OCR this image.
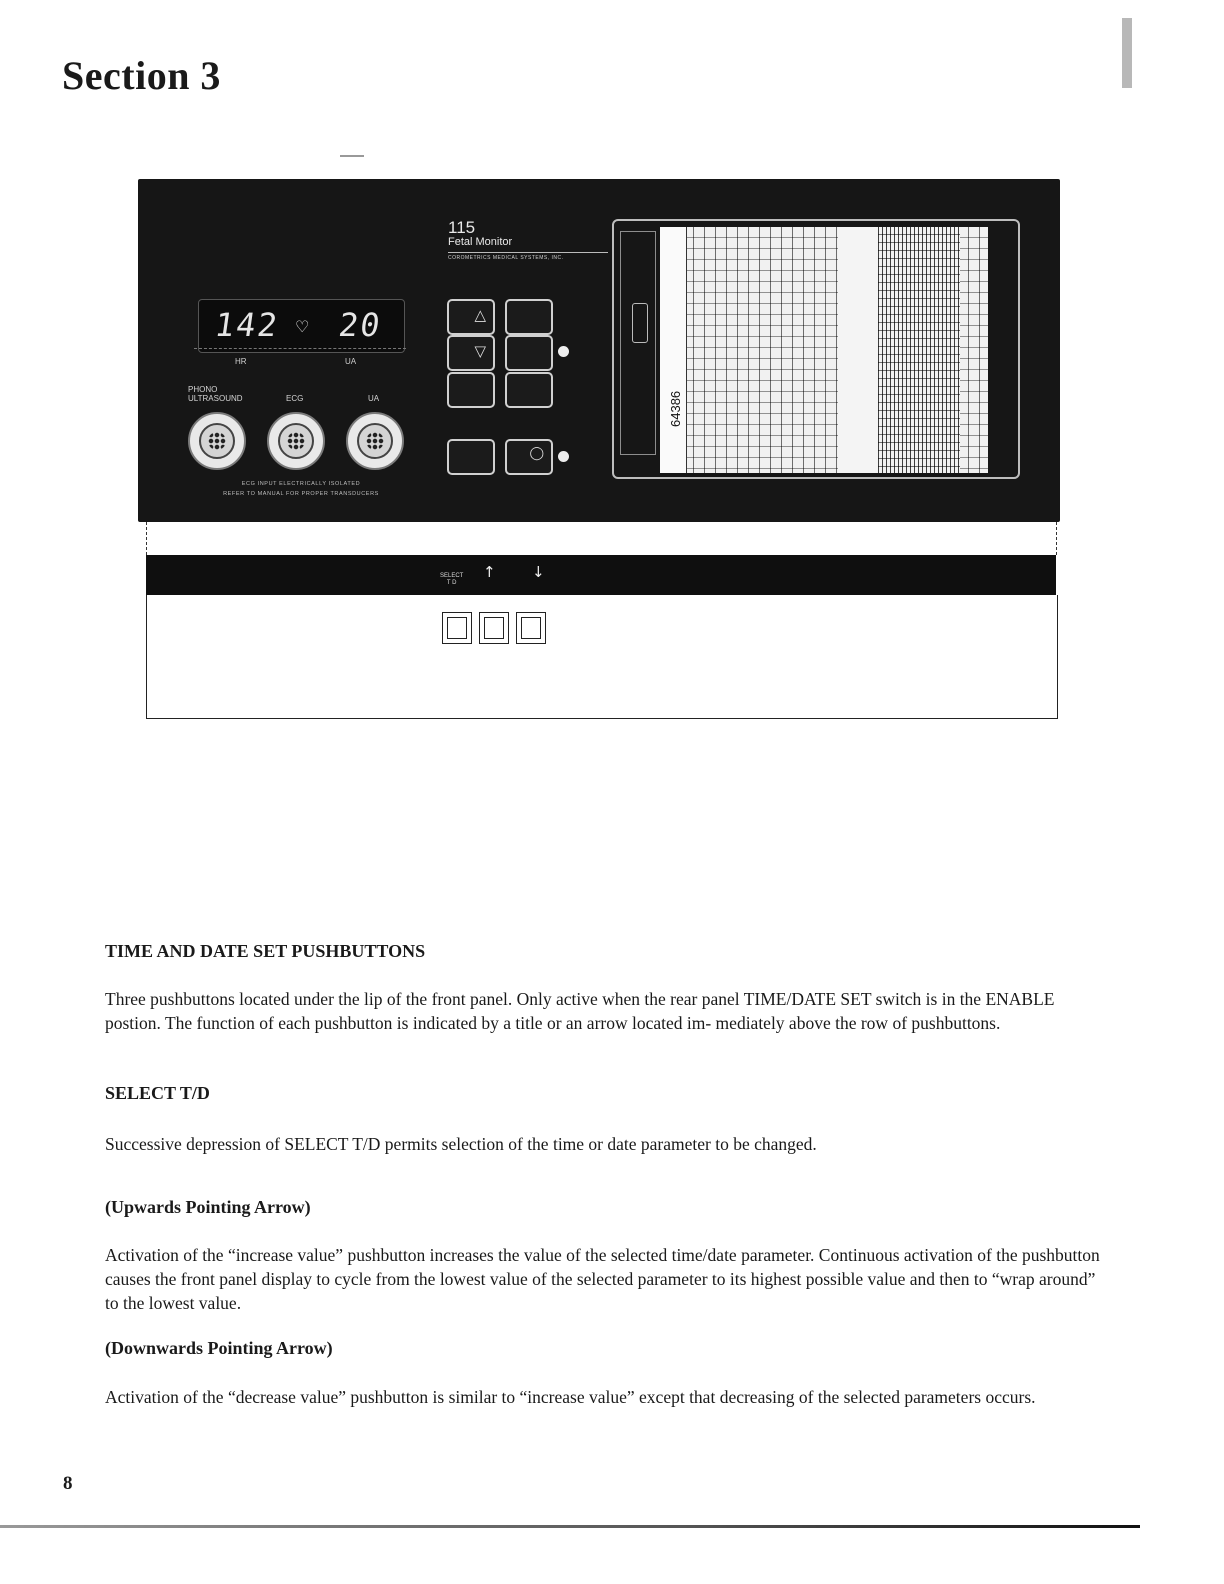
Section 3
115
Fetal Monitor
COROMETRICS MEDICAL SYSTEMS, INC.
142 ♡ 20
HR	UA
PHONO
ULTRASOUND	ECG	UA
ECG INPUT ELECTRICALLY ISOLATED
REFER TO MANUAL FOR PROPER TRANSDUCERS
△
▽
◯
64386
SELECT
T D
↑ ↓
TIME AND DATE SET PUSHBUTTONS

Three pushbuttons located under the lip of the front panel. Only active when the rear panel TIME/DATE SET switch is in the ENABLE postion. The function of each pushbutton is indicated by a title or an arrow located im- mediately above the row of pushbuttons.

SELECT T/D

Successive depression of SELECT T/D permits selection of the time or date parameter to be changed.

(Upwards Pointing Arrow)

Activation of the “increase value” pushbutton increases the value of the selected time/date parameter. Continuous activation of the pushbutton causes the front panel display to cycle from the lowest value of the selected parameter to its highest possible value and then to “wrap around” to the lowest value.

(Downwards Pointing Arrow)

Activation of the “decrease value” pushbutton is similar to “increase value” except that decreasing of the selected parameters occurs.

8
